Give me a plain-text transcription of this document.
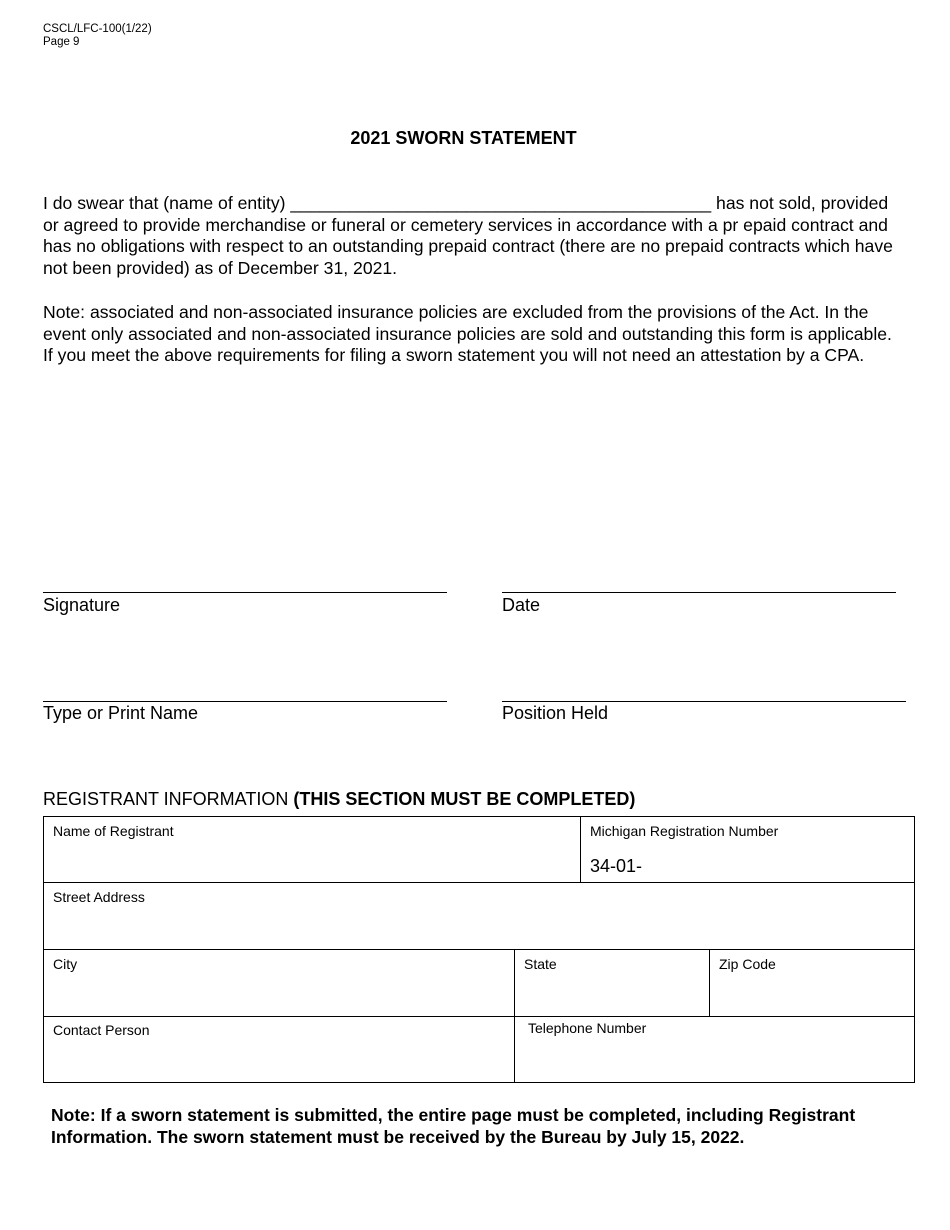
CSCL/LFC-100(1/22)
Page 9
2021 SWORN STATEMENT
I do swear that (name of entity) ___________________________________________ has not sold, provided or agreed to provide merchandise or funeral or cemetery services in accordance with a pr epaid contract and has no obligations with respect to an outstanding prepaid contract (there are no prepaid contracts which have not been provided) as of December 31, 2021.
Note: associated and non-associated insurance policies are excluded from the provisions of the Act. In the event only associated and non-associated insurance policies are sold and outstanding this form is applicable. If you meet the above requirements for filing a sworn statement you will not need an attestation by a CPA.
Signature	Date
Type or Print Name	Position Held
REGISTRANT INFORMATION (THIS SECTION MUST BE COMPLETED)
Name of Registrant		Michigan Registration Number
34-01-	

Street Address			

City	State		Zip Code

Contact Person	Telephone Number		
Note: If a sworn statement is submitted, the entire page must be completed, including Registrant Information. The sworn statement must be received by the Bureau by July 15, 2022.
